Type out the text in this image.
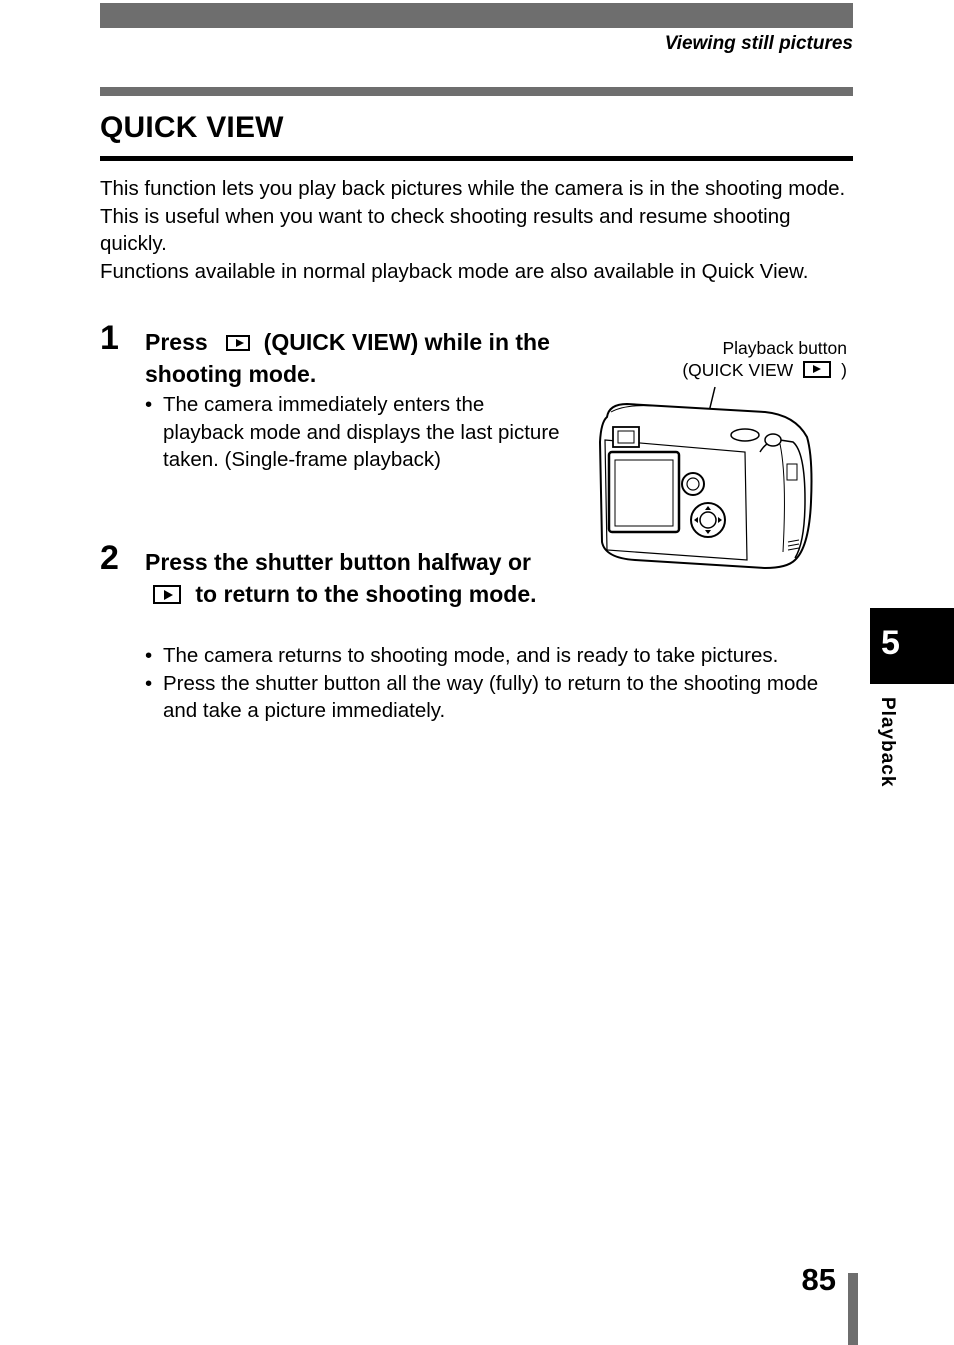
Viewing still pictures
QUICK VIEW

This function lets you play back pictures while the camera is in the shooting mode. This is useful when you want to check shooting results and resume shooting quickly.

Functions available in normal playback mode are also available in Quick View.

1 Press (QUICK VIEW) while in the shooting mode.
• The camera immediately enters the playback mode and displays the last picture taken. (Single-frame playback)
Playback button
(QUICK VIEW	)
2 Press the shutter button halfway or
to return to the shooting mode.
• The camera returns to shooting mode, and is ready to take pictures.
• Press the shutter button all the way (fully) to return to the shooting mode and take a picture immediately.
5
Playback
85
